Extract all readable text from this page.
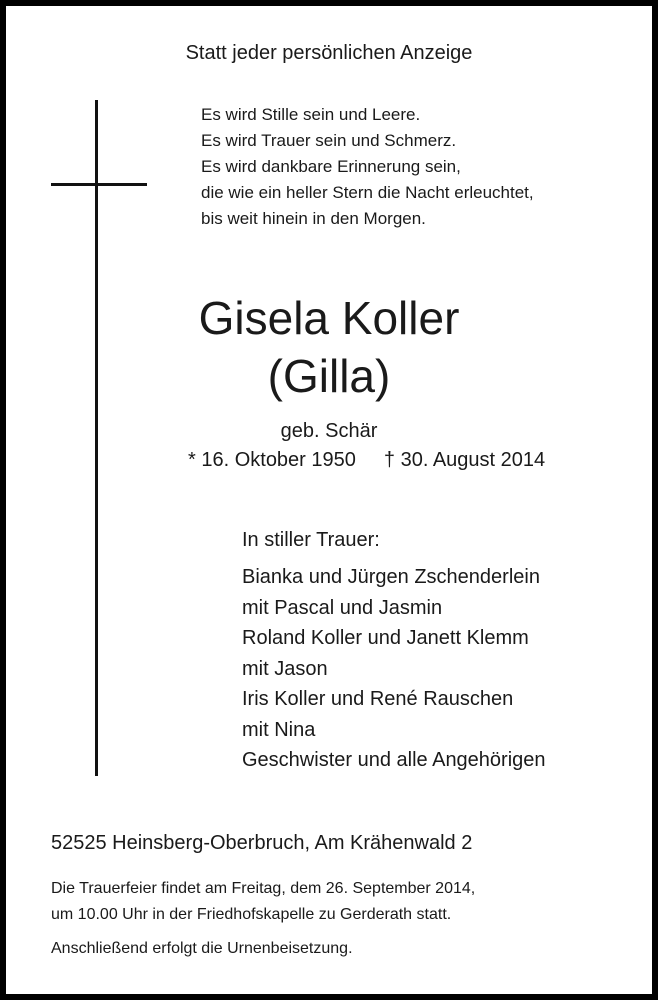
Statt jeder persönlichen Anzeige
Es wird Stille sein und Leere.
Es wird Trauer sein und Schmerz.
Es wird dankbare Erinnerung sein,
die wie ein heller Stern die Nacht erleuchtet,
bis weit hinein in den Morgen.
Gisela Koller
(Gilla)
geb. Schär
* 16. Oktober 1950 † 30. August 2014
In stiller Trauer:
Bianka und Jürgen Zschenderlein
mit Pascal und Jasmin
Roland Koller und Janett Klemm
mit Jason
Iris Koller und René Rauschen
mit Nina
Geschwister und alle Angehörigen
52525 Heinsberg-Oberbruch, Am Krähenwald 2
Die Trauerfeier findet am Freitag, dem 26. September 2014,
um 10.00 Uhr in der Friedhofskapelle zu Gerderath statt.
Anschließend erfolgt die Urnenbeisetzung.
